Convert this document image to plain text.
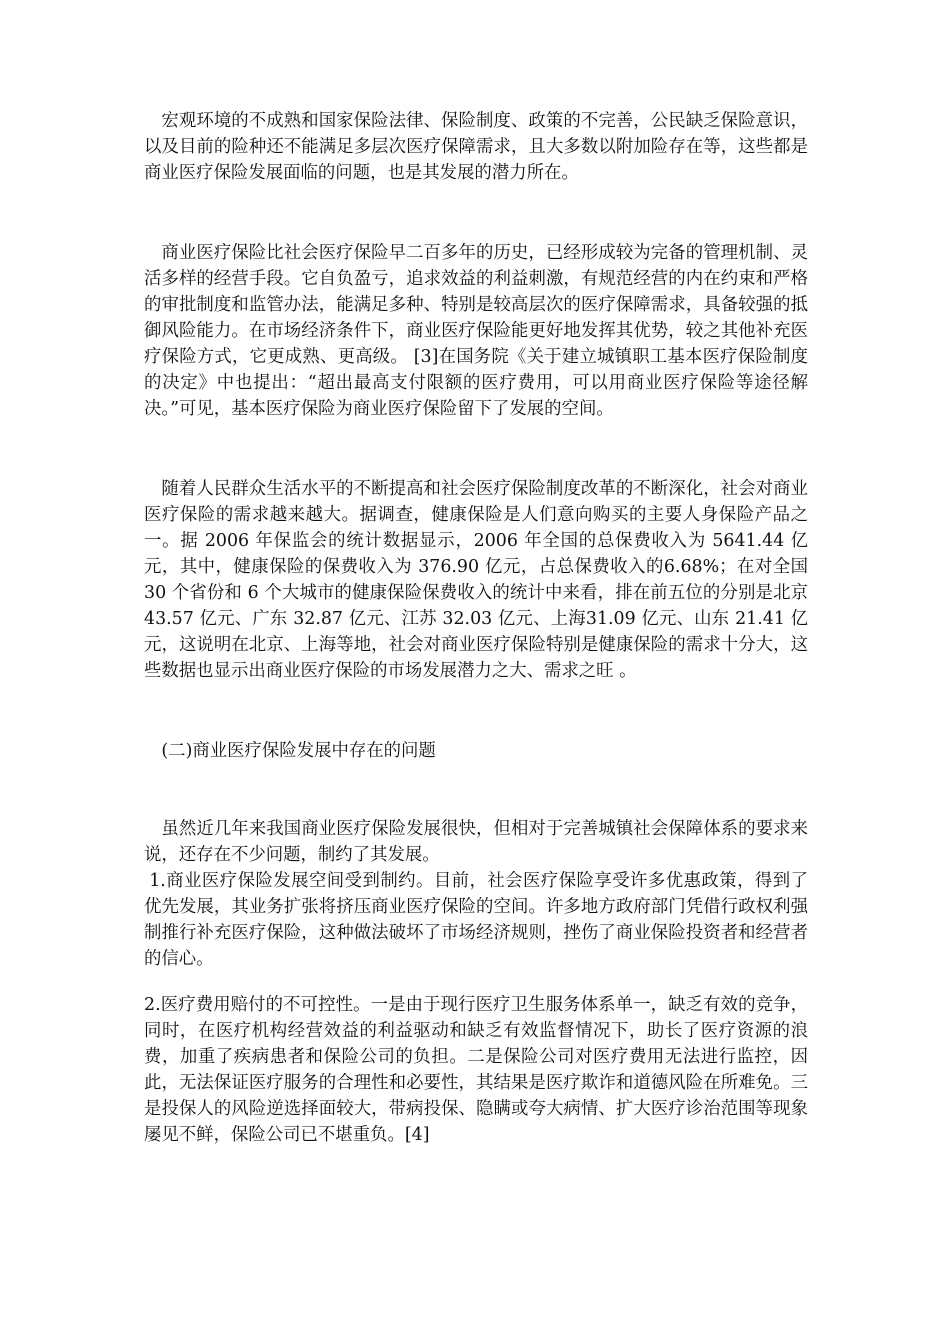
宏观环境的不成熟和国家保险法律、保险制度、政策的不完善，公民缺乏保险意识，以及目前的险种还不能满足多层次医疗保障需求，且大多数以附加险存在等，这些都是商业医疗保险发展面临的问题，也是其发展的潜力所在。

商业医疗保险比社会医疗保险早二百多年的历史，已经形成较为完备的管理机制、灵活多样的经营手段。它自负盈亏，追求效益的利益刺激，有规范经营的内在约束和严格的审批制度和监管办法，能满足多种、特别是较高层次的医疗保障需求，具备较强的抵御风险能力。在市场经济条件下，商业医疗保险能更好地发挥其优势，较之其他补充医疗保险方式，它更成熟、更高级。 [3]在国务院《关于建立城镇职工基本医疗保险制度的决定》中也提出：“超出最高支付限额的医疗费用，可以用商业医疗保险等途径解决。”可见，基本医疗保险为商业医疗保险留下了发展的空间。

随着人民群众生活水平的不断提高和社会医疗保险制度改革的不断深化，社会对商业医疗保险的需求越来越大。据调查，健康保险是人们意向购买的主要人身保险产品之一。据 2006 年保监会的统计数据显示，2006 年全国的总保费收入为 5641.44 亿元，其中，健康保险的保费收入为 376.90 亿元，占总保费收入的6.68%；在对全国 30 个省份和 6 个大城市的健康保险保费收入的统计中来看，排在前五位的分别是北京 43.57 亿元、广东 32.87 亿元、江苏 32.03 亿元、上海31.09 亿元、山东 21.41 亿元，这说明在北京、上海等地，社会对商业医疗保险特别是健康保险的需求十分大，这些数据也显示出商业医疗保险的市场发展潜力之大、需求之旺 。

(二)商业医疗保险发展中存在的问题

虽然近几年来我国商业医疗保险发展很快，但相对于完善城镇社会保障体系的要求来说，还存在不少问题，制约了其发展。

1.商业医疗保险发展空间受到制约。目前，社会医疗保险享受许多优惠政策，得到了优先发展，其业务扩张将挤压商业医疗保险的空间。许多地方政府部门凭借行政权利强制推行补充医疗保险，这种做法破坏了市场经济规则，挫伤了商业保险投资者和经营者的信心。

2.医疗费用赔付的不可控性。一是由于现行医疗卫生服务体系单一，缺乏有效的竞争，同时，在医疗机构经营效益的利益驱动和缺乏有效监督情况下，助长了医疗资源的浪费，加重了疾病患者和保险公司的负担。二是保险公司对医疗费用无法进行监控，因此，无法保证医疗服务的合理性和必要性，其结果是医疗欺诈和道德风险在所难免。三是投保人的风险逆选择面较大，带病投保、隐瞒或夸大病情、扩大医疗诊治范围等现象屡见不鲜，保险公司已不堪重负。[4]
